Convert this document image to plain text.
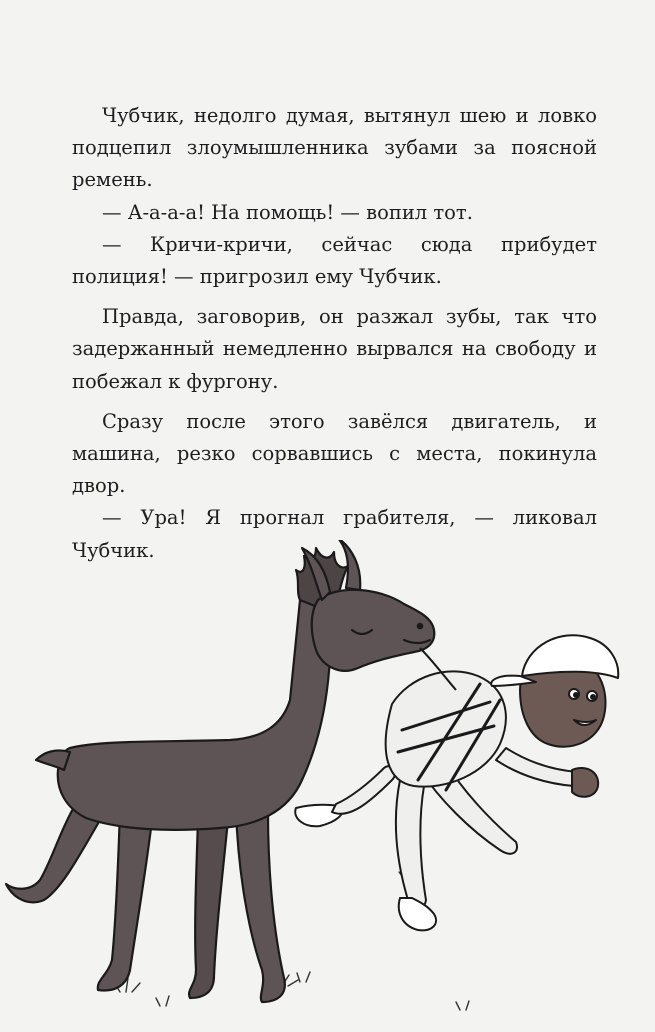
Чубчик, недолго думая, вытянул шею и ловко подцепил злоумышленника зубами за поясной ремень.

— А-а-а-а! На помощь! — вопил тот.

— Кричи-кричи, сейчас сюда прибудет полиция! — пригрозил ему Чубчик.

Правда, заговорив, он разжал зубы, так что задержанный немедленно вырвался на свободу и побежал к фургону.

Сразу после этого завёлся двигатель, и машина, резко сорвавшись с места, покинула двор.

— Ура! Я прогнал грабителя, — ликовал Чубчик.
